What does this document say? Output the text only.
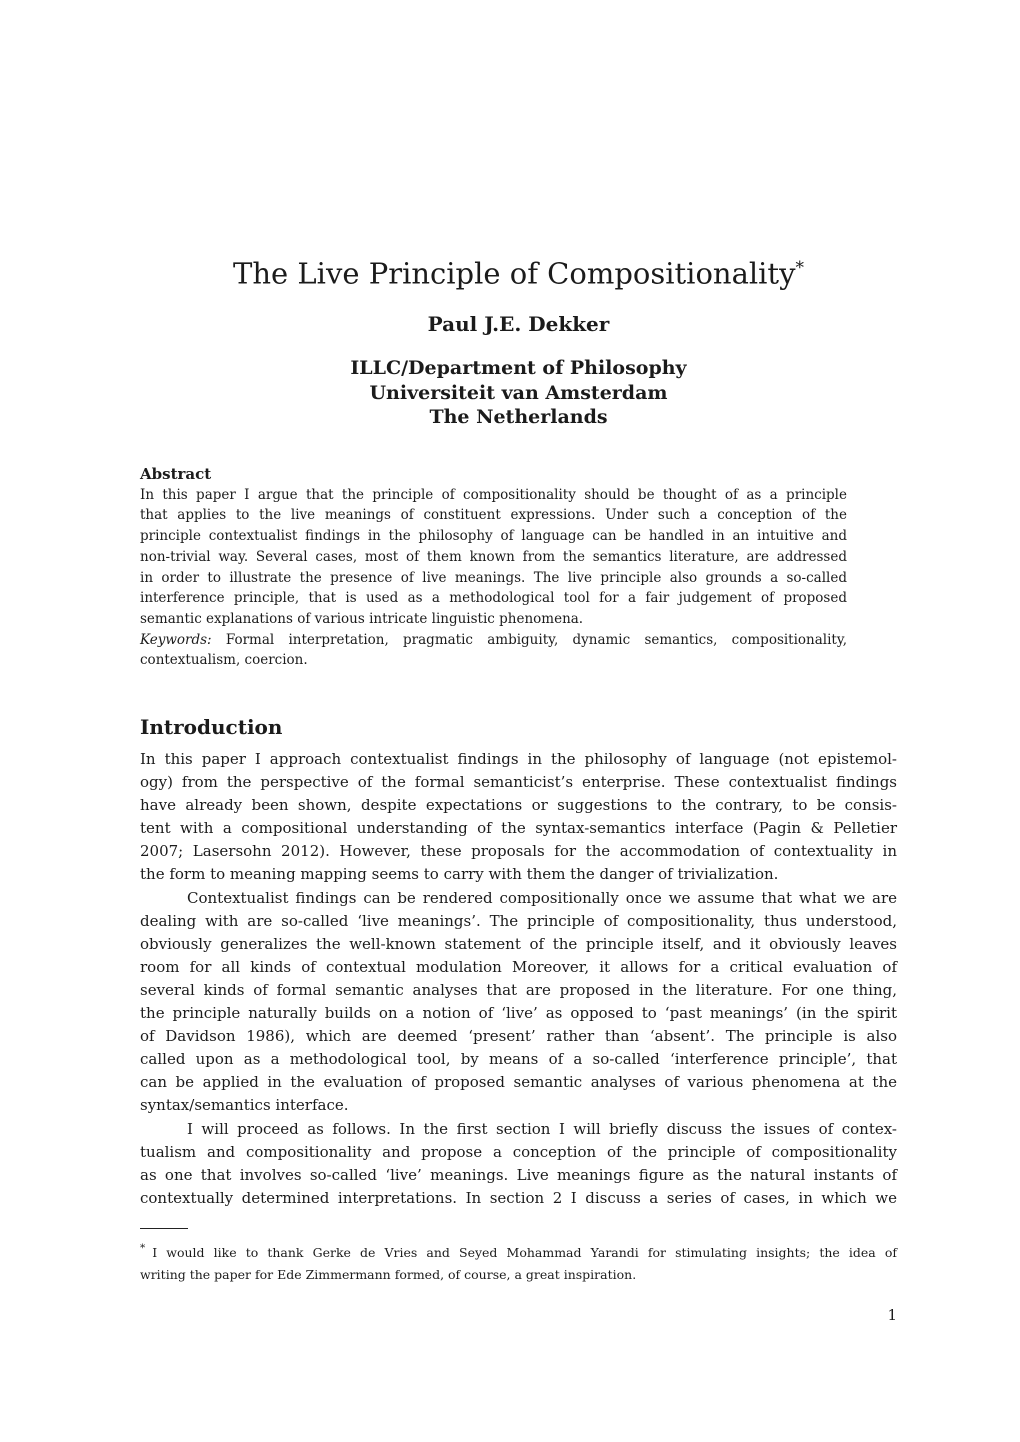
The Live Principle of Compositionality*
Paul J.E. Dekker
ILLC/Department of Philosophy
Universiteit van Amsterdam
The Netherlands
Abstract
In this paper I argue that the principle of compositionality should be thought of as a principle
that applies to the live meanings of constituent expressions. Under such a conception of the
principle contextualist findings in the philosophy of language can be handled in an intuitive and
non-trivial way. Several cases, most of them known from the semantics literature, are addressed
in order to illustrate the presence of live meanings. The live principle also grounds a so-called
interference principle, that is used as a methodological tool for a fair judgement of proposed
semantic explanations of various intricate linguistic phenomena.
Keywords: Formal interpretation, pragmatic ambiguity, dynamic semantics, compositionality,
contextualism, coercion.
Introduction
In this paper I approach contextualist findings in the philosophy of language (not epistemol-
ogy) from the perspective of the formal semanticist’s enterprise. These contextualist findings
have already been shown, despite expectations or suggestions to the contrary, to be consis-
tent with a compositional understanding of the syntax-semantics interface (Pagin & Pelletier
2007; Lasersohn 2012). However, these proposals for the accommodation of contextuality in
the form to meaning mapping seems to carry with them the danger of trivialization.
Contextualist findings can be rendered compositionally once we assume that what we are
dealing with are so-called ‘live meanings’. The principle of compositionality, thus understood,
obviously generalizes the well-known statement of the principle itself, and it obviously leaves
room for all kinds of contextual modulation Moreover, it allows for a critical evaluation of
several kinds of formal semantic analyses that are proposed in the literature. For one thing,
the principle naturally builds on a notion of ‘live’ as opposed to ‘past meanings’ (in the spirit
of Davidson 1986), which are deemed ‘present’ rather than ‘absent’. The principle is also
called upon as a methodological tool, by means of a so-called ‘interference principle’, that
can be applied in the evaluation of proposed semantic analyses of various phenomena at the
syntax/semantics interface.
I will proceed as follows. In the first section I will briefly discuss the issues of contex-
tualism and compositionality and propose a conception of the principle of compositionality
as one that involves so-called ‘live’ meanings. Live meanings figure as the natural instants of
contextually determined interpretations. In section 2 I discuss a series of cases, in which we
* I would like to thank Gerke de Vries and Seyed Mohammad Yarandi for stimulating insights; the idea of
writing the paper for Ede Zimmermann formed, of course, a great inspiration.
1
